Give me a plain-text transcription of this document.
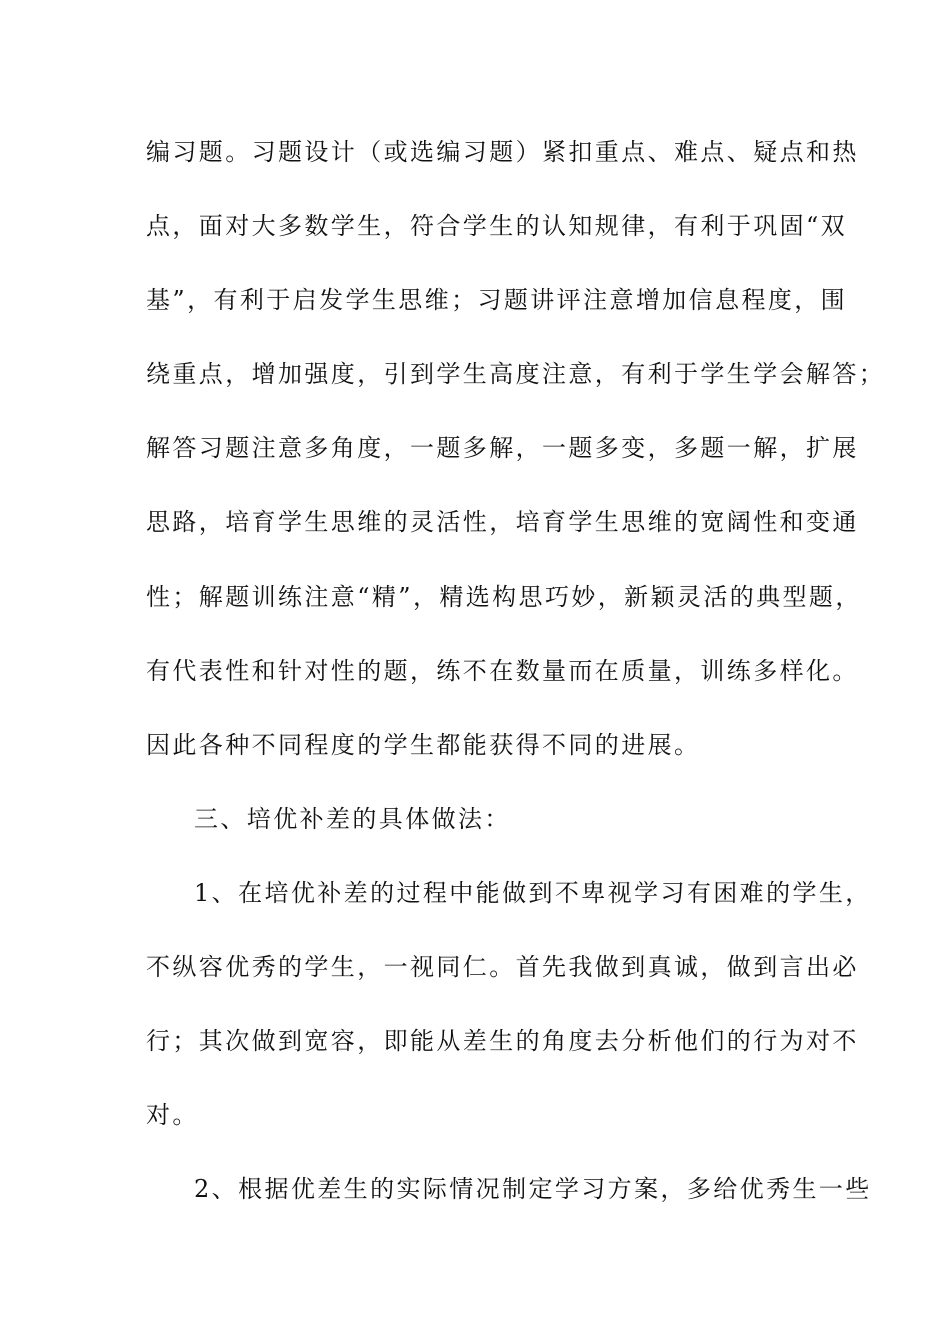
编习题。习题设计（或选编习题）紧扣重点、难点、疑点和热
点，面对大多数学生，符合学生的认知规律，有利于巩固“双
基”，有利于启发学生思维；习题讲评注意增加信息程度，围
绕重点，增加强度，引到学生高度注意，有利于学生学会解答；
解答习题注意多角度，一题多解，一题多变，多题一解，扩展
思路，培育学生思维的灵活性，培育学生思维的宽阔性和变通
性；解题训练注意“精”，精选构思巧妙，新颖灵活的典型题，
有代表性和针对性的题，练不在数量而在质量，训练多样化。
因此各种不同程度的学生都能获得不同的进展。
三、培优补差的具体做法：
1、在培优补差的过程中能做到不卑视学习有困难的学生，
不纵容优秀的学生，一视同仁。首先我做到真诚，做到言出必
行；其次做到宽容，即能从差生的角度去分析他们的行为对不
对。
2、根据优差生的实际情况制定学习方案，多给优秀生一些
